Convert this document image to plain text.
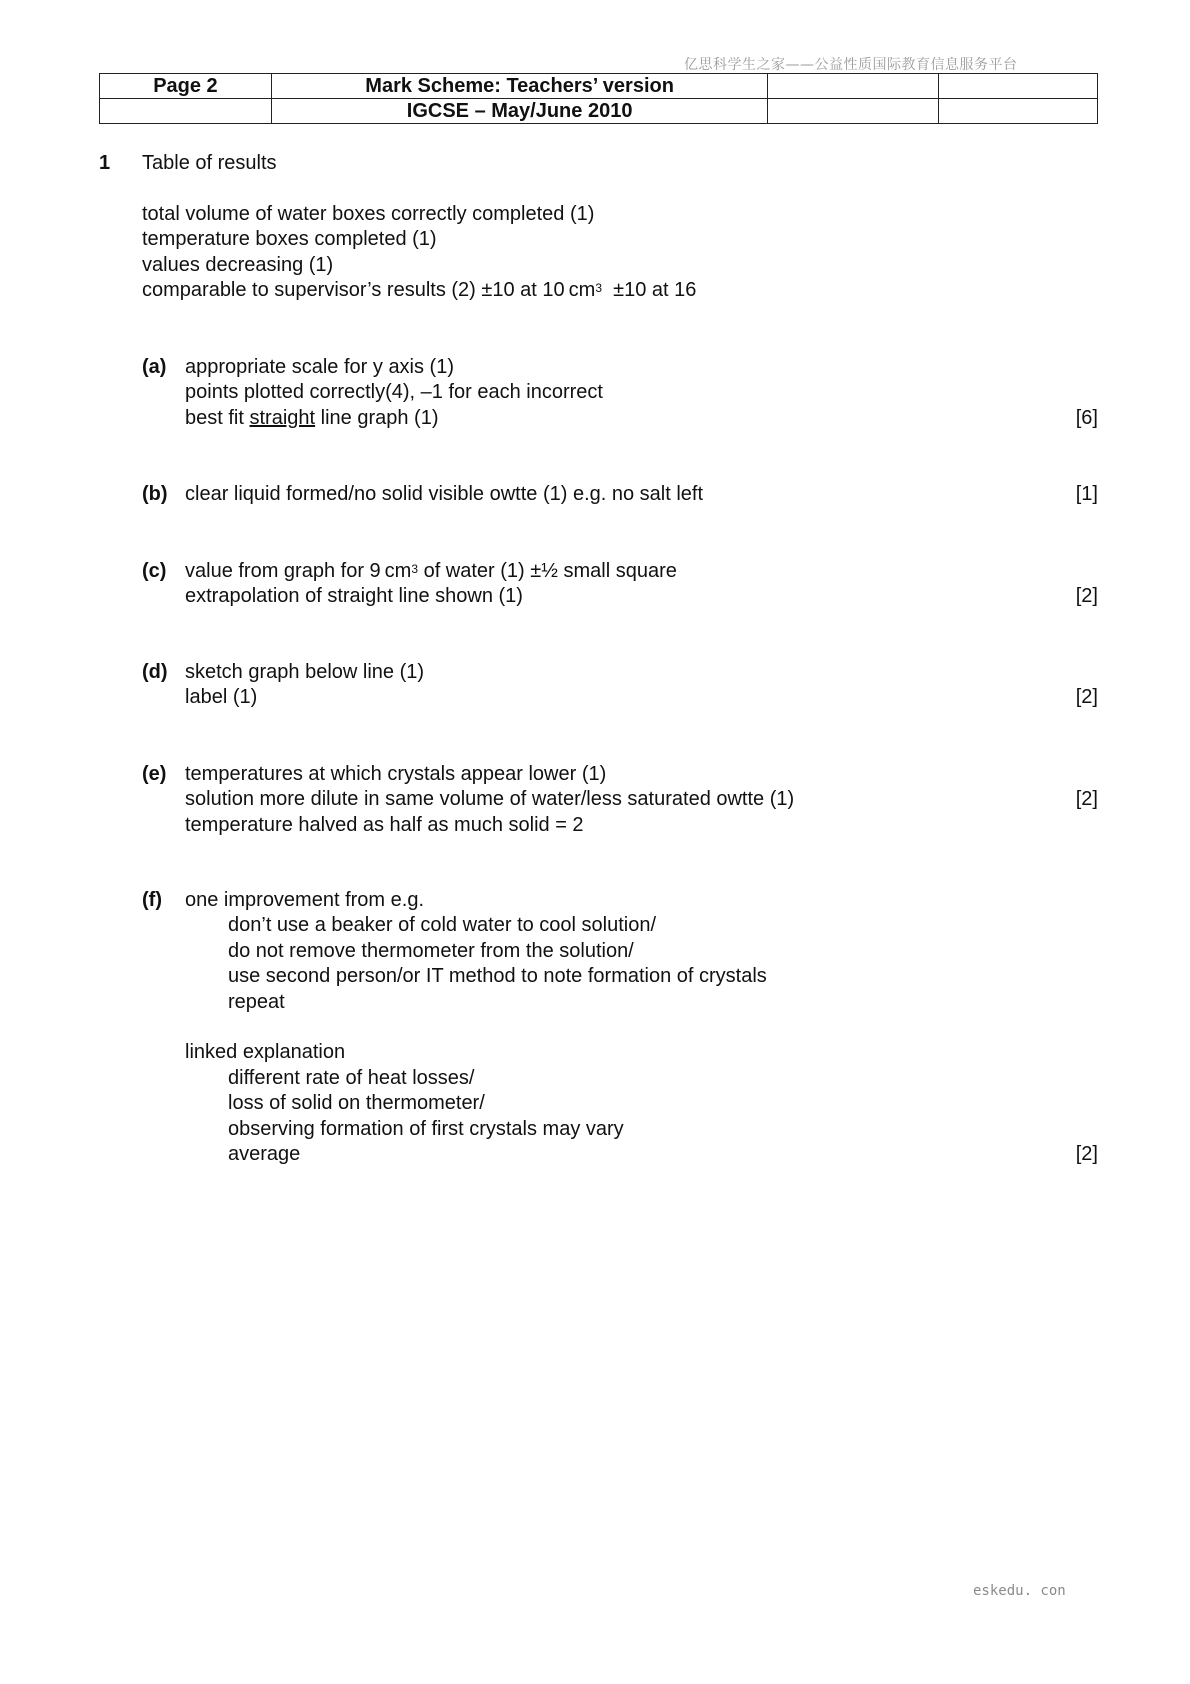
亿思科学生之家——公益性质国际教育信息服务平台
Page 2	Mark Scheme: Teachers’ version		
	IGCSE – May/June 2010		
1 Table of results
total volume of water boxes correctly completed (1)
temperature boxes completed (1)
values decreasing (1)
comparable to supervisor’s results (2) ±10 at 10 $cm^3 \pm 10$ at 16
(a) appropriate scale for y axis (1)
points plotted correctly(4), –1 for each incorrect
best fit straight line graph (1)	[6]
(b) clear liquid formed/no solid visible owtte (1) e.g. no salt left	[1]
(c) value from graph for 9 $cm^3$ of water (1) ±½ small square
extrapolation of straight line shown (1)	[2]
(d) sketch graph below line (1)
label (1)	[2]
(e) temperatures at which crystals appear lower (1)
solution more dilute in same volume of water/less saturated owtte (1)
temperature halved as half as much solid = 2
[2]
(f) one improvement from e.g.
don’t use a beaker of cold water to cool solution/
do not remove thermometer from the solution/
use second person/or IT method to note formation of crystals
repeat
linked explanation
different rate of heat losses/
loss of solid on thermometer/
observing formation of first crystals may vary
average	[2]
eskedu. con
